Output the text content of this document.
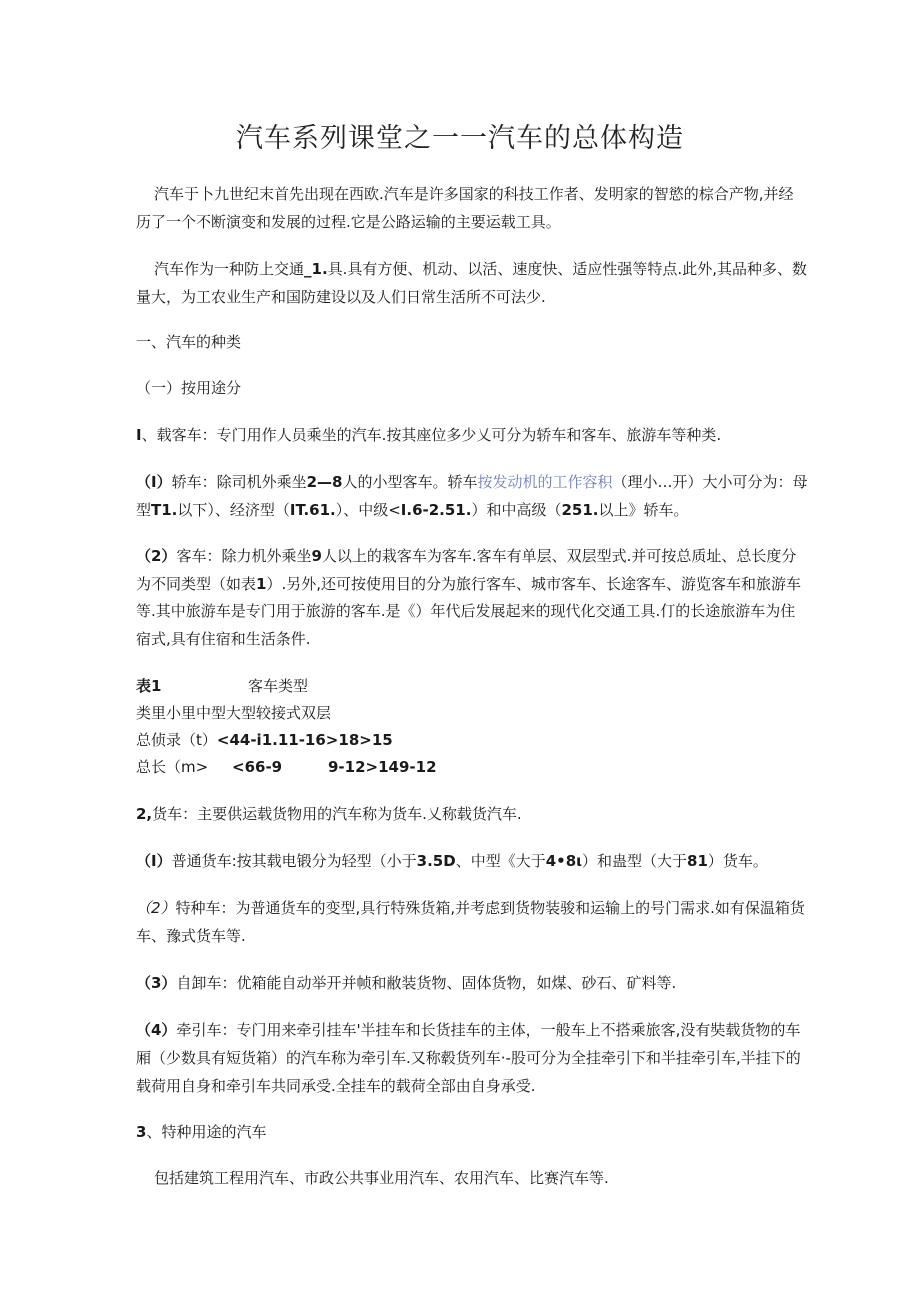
汽车系列课堂之一一汽车的总体构造
汽车于卜九世纪末首先出现在西欧.汽车是许多国家的科技工作者、发明家的智慾的棕合产物,并经
历了一个不断演变和发展的过程.它是公路运输的主要运载工具。
汽车作为一种防上交通_1.具.具有方便、机动、以活、速度快、适应性强等特点.此外,其品种多、数
量大，为工农业生产和国防建设以及人们日常生活所不可法少.
一、汽车的种类
（一）按用途分
I、载客车：专门用作人员乘坐的汽车.按其座位多少乂可分为轿车和客车、旅游车等种类.
（I）轿车：除司机外乘坐2—8人的小型客车。轿车按发动机的工作容积（理小…开）大小可分为：母
型T1.以下）、经济型（IT.61.）、中级<I.6-2.51.）和中高级（251.以上》轿车。
（2）客车：除力机外乘坐9人以上的栽客车为客车.客车有单层、双层型式.并可按总质址、总长度分
为不同类型（如表1）.另外,还可按使用目的分为旅行客车、城市客车、长途客车、游览客车和旅游车
等.其中旅游车是专门用于旅游的客车.是《）年代后发展起来的现代化交通工具.仃的长途旅游车为住
宿式,具有住宿和生活条件.
表1	客车类型
类里小里中型大型较接式双层
总侦录（t）<44-i1.11-16>18>15
总长（m> <66-9	9-12>149-12
2,货车：主要供运载货物用的汽车称为货车.乂称载货汽车.
（I）普通货车:按其载电锻分为轻型（小于3.5D、中型《大于4•8ι）和蛊型（大于81）货车。
（2）特种车：为普通货车的变型,具行特殊货箱,并考虑到货物装骏和运输上的号门需求.如有保温箱货
车、豫式货车等.
（3）自卸车：优箱能自动举开并帧和敝装货物、固体货物，如煤、砂石、矿料等.
（4）牵引车：专门用来牵引挂车'半挂车和长货挂车的主体，一般车上不搭乘旅客,没有奘载货物的车
厢（少数具有短货箱）的汽车称为牵引车.又称毂货列车·-股可分为全挂牵引下和半挂牵引车,半挂下的
载荷用自身和牵引车共同承受.全挂车的载荷全部由自身承受.
3、特种用途的汽车
包括建筑工程用汽车、市政公共事业用汽车、农用汽车、比赛汽车等.
